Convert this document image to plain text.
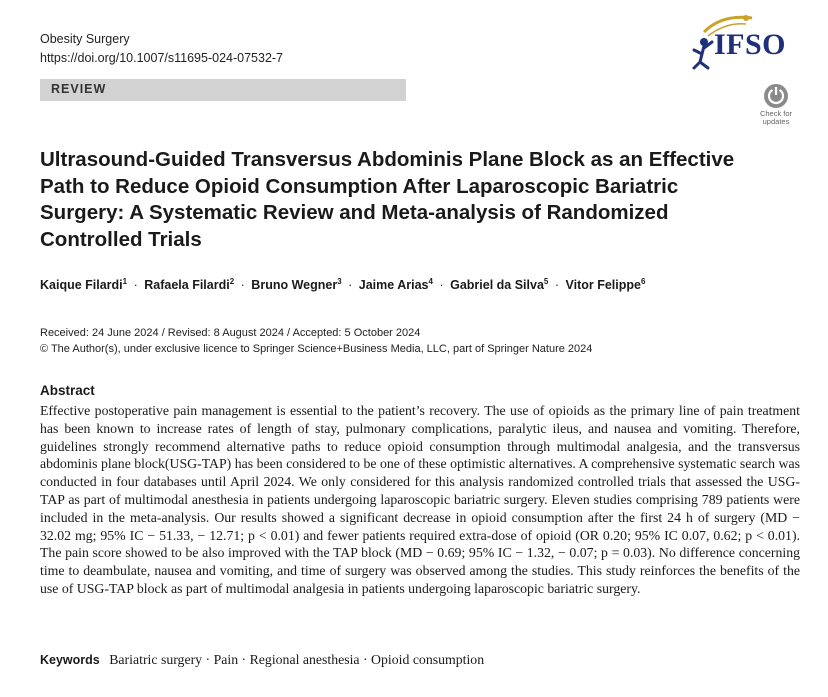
Obesity Surgery
https://doi.org/10.1007/s11695-024-07532-7	IFSO
REVIEW
Check for
updates
Ultrasound-Guided Transversus Abdominis Plane Block as an Effective Path to Reduce Opioid Consumption After Laparoscopic Bariatric Surgery: A Systematic Review and Meta-analysis of Randomized Controlled Trials
Kaique Filardi$^1$ · Rafaela Filardi$^2$ · Bruno Wegner$^3$ · Jaime Arias$^4$ · Gabriel da Silva$^5$ · Vitor Felippe$^6$
Received: 24 June 2024 / Revised: 8 August 2024 / Accepted: 5 October 2024
© The Author(s), under exclusive licence to Springer Science+Business Media, LLC, part of Springer Nature 2024
Abstract

Effective postoperative pain management is essential to the patient’s recovery. The use of opioids as the primary line of pain treatment has been known to increase rates of length of stay, pulmonary complications, paralytic ileus, and nausea and vomiting. Therefore, guidelines strongly recommend alternative paths to reduce opioid consumption through multimodal analgesia, and the transversus abdominis plane block(USG-TAP) has been considered to be one of these optimistic alternatives. A comprehensive systematic search was conducted in four databases until April 2024. We only considered for this analysis randomized controlled trials that assessed the USG-TAP as part of multimodal anesthesia in patients undergoing laparoscopic bariatric surgery. Eleven studies comprising 789 patients were included in the meta-analysis. Our results showed a significant decrease in opioid consumption after the first 24 h of surgery (MD − 32.02 mg; 95% IC − 51.33, − 12.71; p < 0.01) and fewer patients required extra-dose of opioid (OR 0.20; 95% IC 0.07, 0.62; p < 0.01). The pain score showed to be also improved with the TAP block (MD − 0.69; 95% IC − 1.32, − 0.07; p = 0.03). No difference concerning time to deambulate, nausea and vomiting, and time of surgery was observed among the studies. This study reinforces the benefits of the use of USG-TAP block as part of multimodal analgesia in patients undergoing laparoscopic bariatric surgery.

Keywords Bariatric surgery · Pain · Regional anesthesia · Opioid consumption
